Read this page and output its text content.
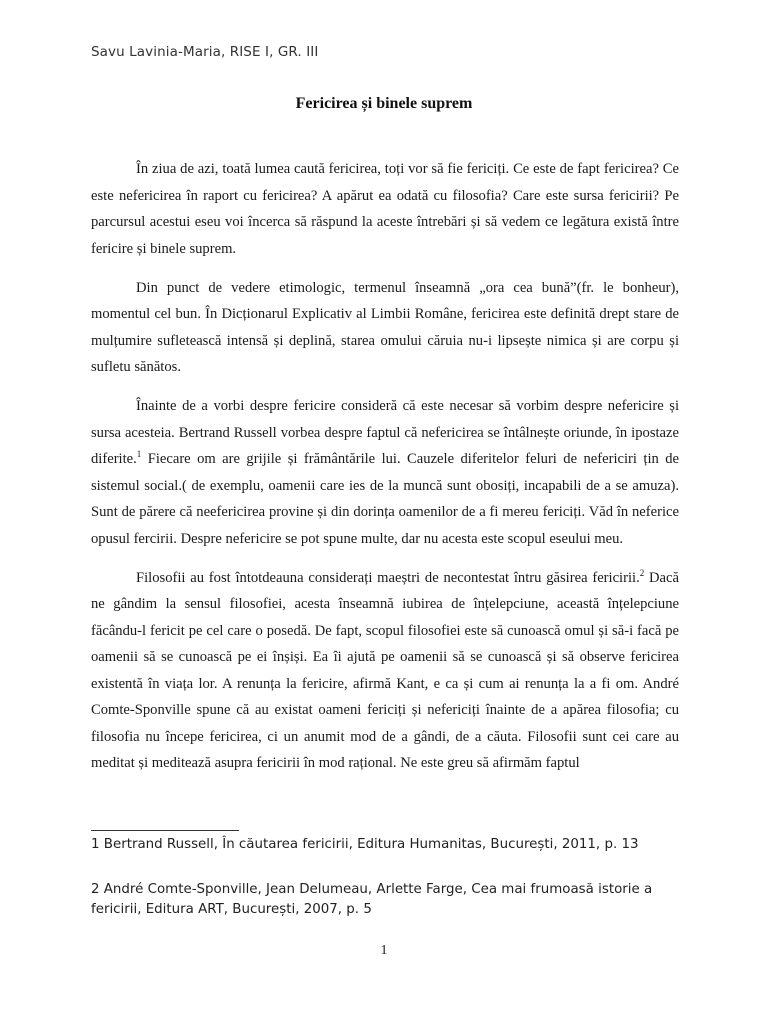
Savu Lavinia-Maria, RISE I, GR. III
Fericirea și binele suprem

În ziua de azi, toată lumea caută fericirea, toți vor să fie fericiți. Ce este de fapt fericirea? Ce este nefericirea în raport cu fericirea? A apărut ea odată cu filosofia? Care este sursa fericirii? Pe parcursul acestui eseu voi încerca să răspund la aceste întrebări și să vedem ce legătura există între fericire și binele suprem.

Din punct de vedere etimologic, termenul înseamnă „ora cea bună”(fr. le bonheur), momentul cel bun. În Dicționarul Explicativ al Limbii Române, fericirea este definită drept stare de mulțumire sufletească intensă și deplină, starea omului căruia nu-i lipsește nimica și are corpu și sufletu sănătos.

Înainte de a vorbi despre fericire consideră că este necesar să vorbim despre nefericire și sursa acesteia. Bertrand Russell vorbea despre faptul că nefericirea se întâlnește oriunde, în ipostaze diferite.$^1$ Fiecare om are grijile și frământările lui. Cauzele diferitelor feluri de nefericiri țin de sistemul social.( de exemplu, oamenii care ies de la muncă sunt obosiți, incapabili de a se amuza). Sunt de părere că neefericirea provine și din dorința oamenilor de a fi mereu fericiți. Văd în neferice opusul fercirii. Despre nefericire se pot spune multe, dar nu acesta este scopul eseului meu.

Filosofii au fost întotdeauna considerați maeștri de necontestat întru găsirea fericirii.$^2$ Dacă ne gândim la sensul filosofiei, acesta înseamnă iubirea de înțelepciune, această înțelepciune făcându-l fericit pe cel care o posedă. De fapt, scopul filosofiei este să cunoască omul și să-i facă pe oamenii să se cunoască pe ei înșiși. Ea îi ajută pe oamenii să se cunoască și să observe fericirea existentă în viața lor. A renunța la fericire, afirmă Kant, e ca și cum ai renunța la a fi om. André Comte-Sponville spune că au existat oameni fericiți și nefericiți înainte de a apărea filosofia; cu filosofia nu începe fericirea, ci un anumit mod de a gândi, de a căuta. Filosofii sunt cei care au meditat și meditează asupra fericirii în mod rațional. Ne este greu să afirmăm faptul

1 Bertrand Russell, În căutarea fericirii, Editura Humanitas, București, 2011, p. 13
2 André Comte-Sponville, Jean Delumeau, Arlette Farge, Cea mai frumoasă istorie a fericirii, Editura ART, București, 2007, p. 5
1
